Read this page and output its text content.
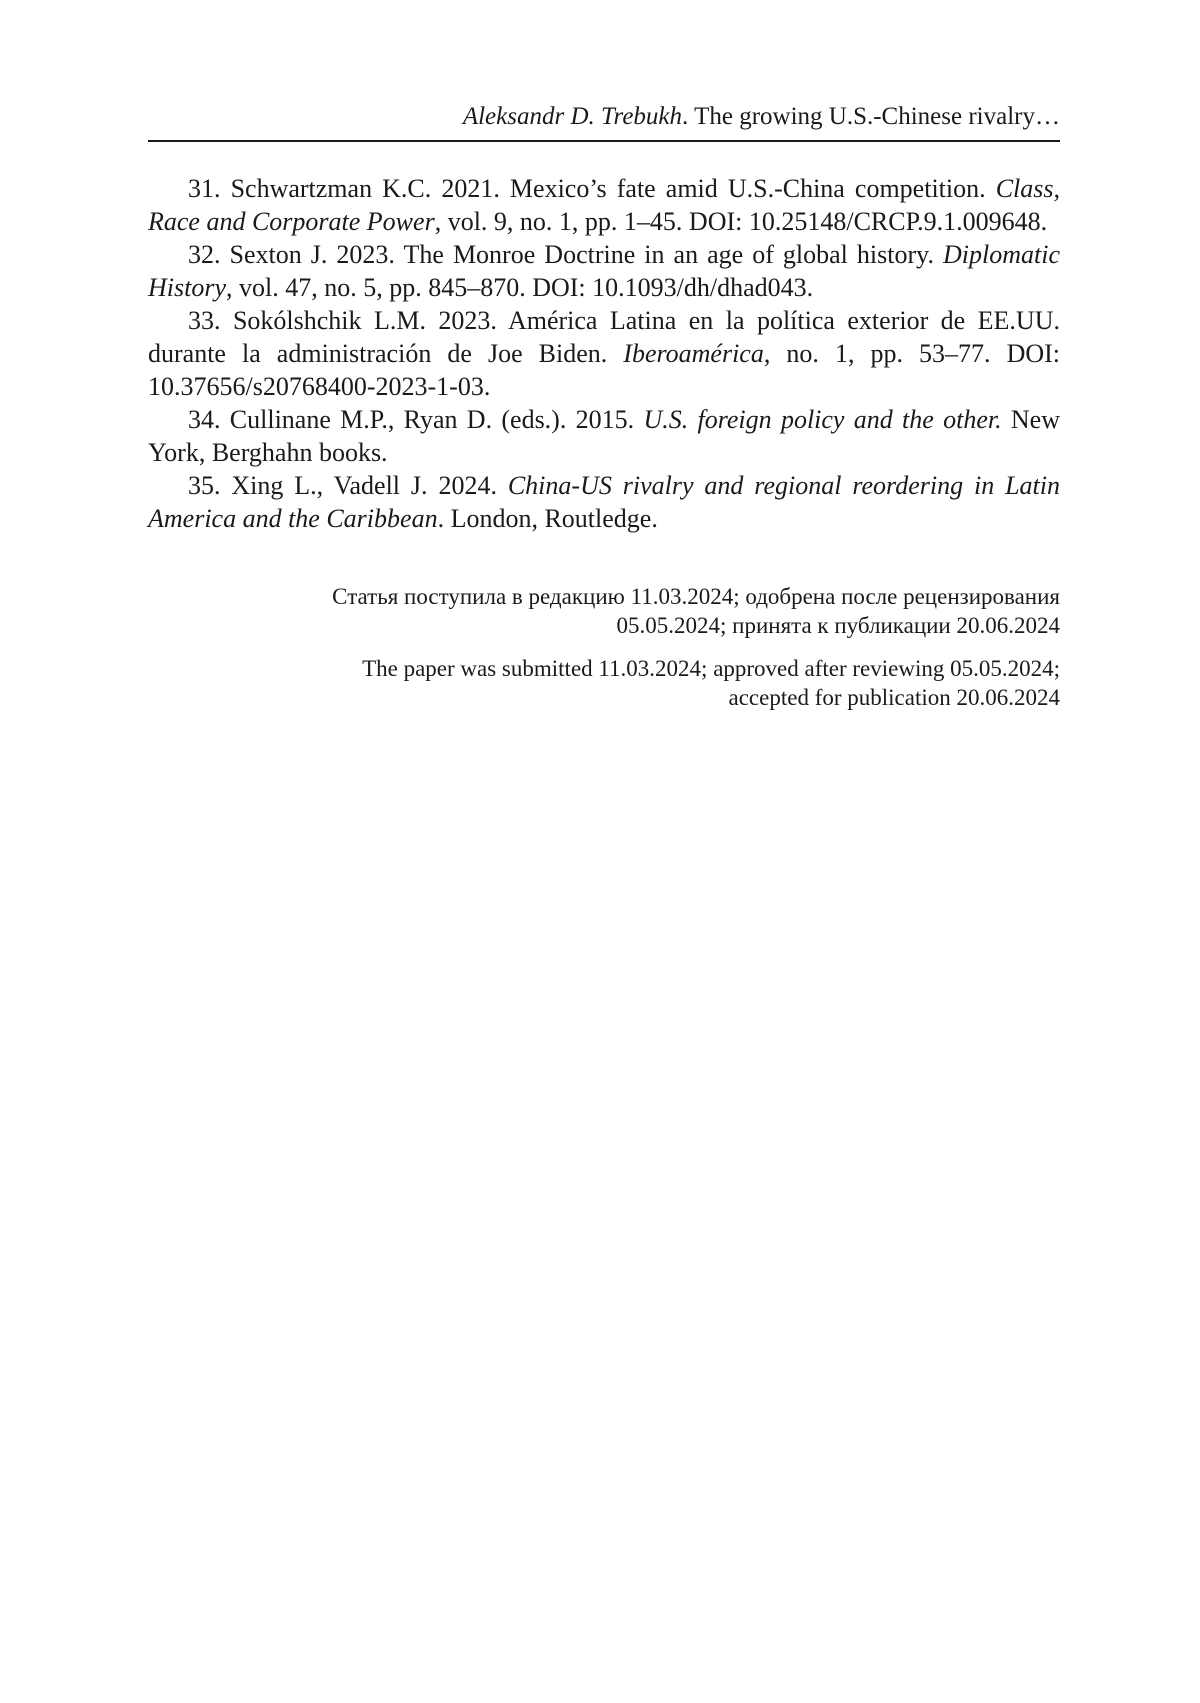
Aleksandr D. Trebukh. The growing U.S.-Chinese rivalry…

31. Schwartzman K.C. 2021. Mexico’s fate amid U.S.-China competition. Class, Race and Corporate Power, vol. 9, no. 1, pp. 1–45. DOI: 10.25148/CRCP.9.1.009648.

32. Sexton J. 2023. The Monroe Doctrine in an age of global history. Diplomatic History, vol. 47, no. 5, pp. 845–870. DOI: 10.1093/dh/dhad043.

33. Sokólshchik L.M. 2023. América Latina en la política exterior de EE.UU. durante la administración de Joe Biden. Iberoamérica, no. 1, pp. 53–77. DOI: 10.37656/s20768400-2023-1-03.

34. Cullinane M.P., Ryan D. (eds.). 2015. U.S. foreign policy and the other. New York, Berghahn books.

35. Xing L., Vadell J. 2024. China-US rivalry and regional reordering in Latin America and the Caribbean. London, Routledge.

Статья поступила в редакцию 11.03.2024; одобрена после рецензирования
05.05.2024; принята к публикации 20.06.2024
The paper was submitted 11.03.2024; approved after reviewing 05.05.2024;
accepted for publication 20.06.2024
